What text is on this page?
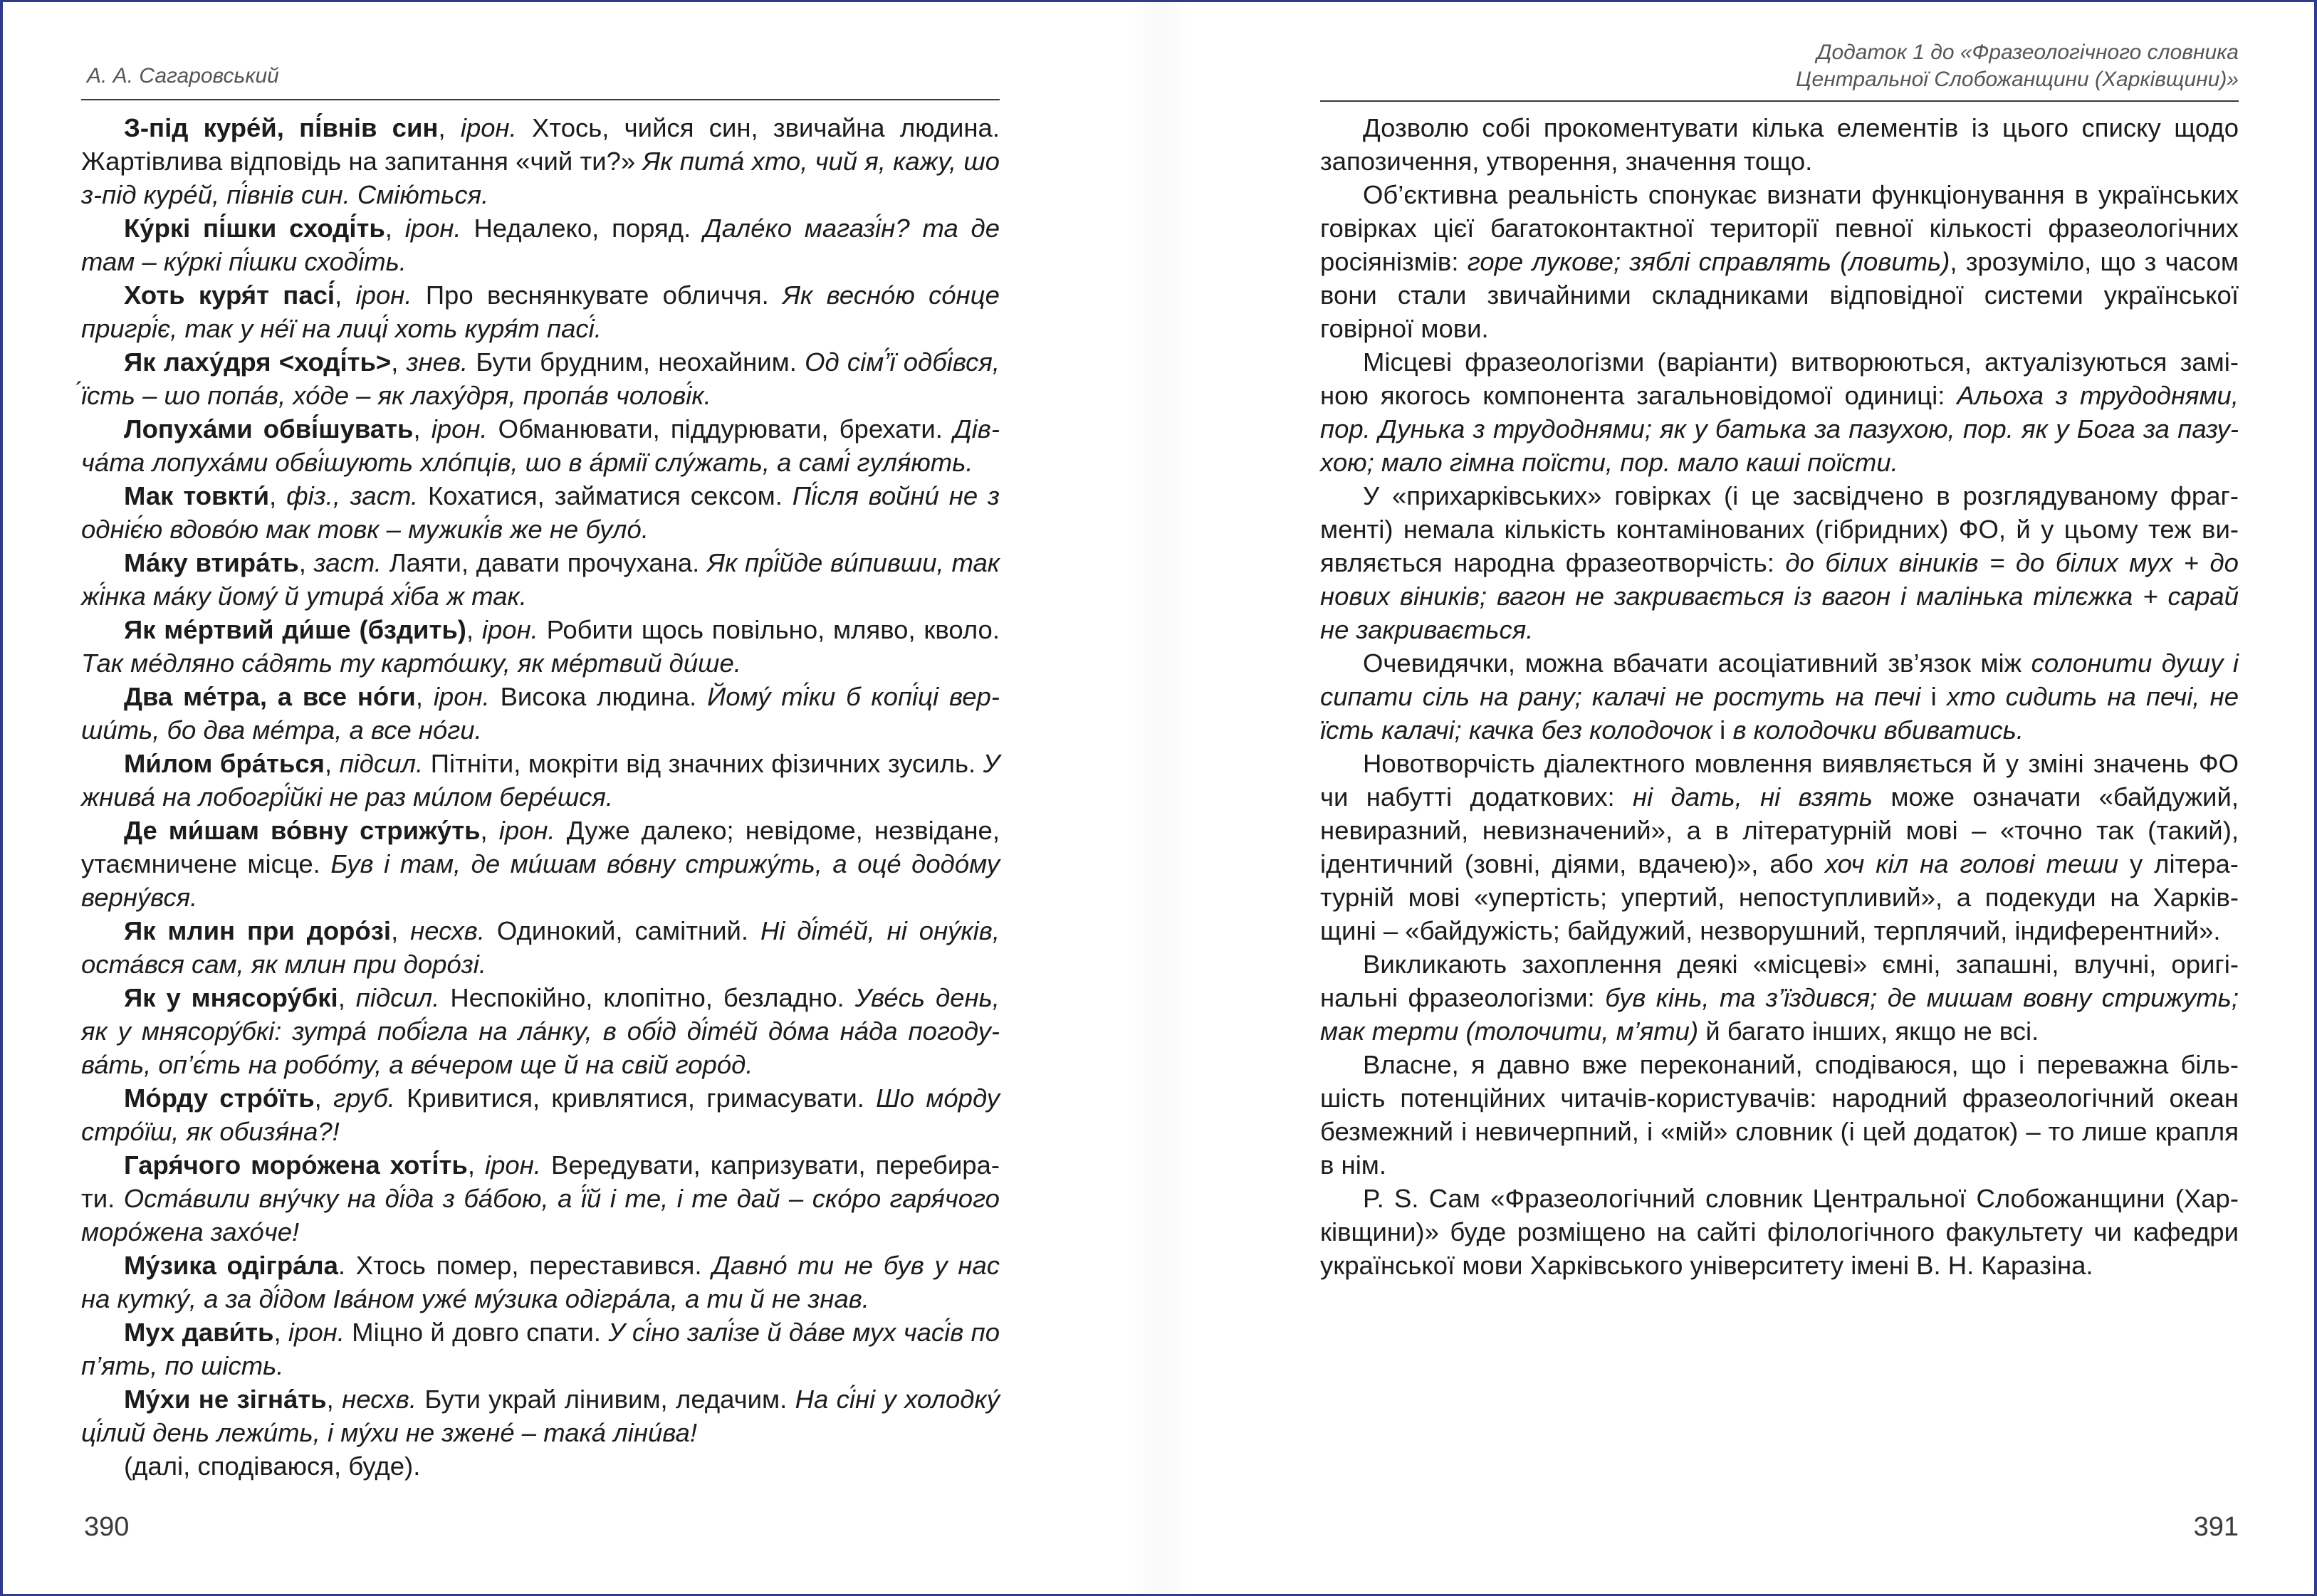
А. А. Сагаровський

З-під куре́й, пі́внів син, ірон. Хтось, чийся син, звичайна людина. Жартівлива відповідь на запитання «чий ти?» Як пита́ хто, чий я, кажу, шо з-під куре́й, пі́внів син. Смію́ться.

Ку́ркі пі́шки сході́ть, ірон. Недалеко, поряд. Дале́ко магазі́н? та де там – ку́ркі пі́шки сході́ть.

Хоть куря́т пасі́, ірон. Про веснянкувате обличчя. Як весно́ю со́нце пригрі́є, так у не́ї на лиці́ хоть куря́т пасі́.

Як лаху́дря <ході́ть>, знев. Бути брудним, неохайним. Од сім’́ї одбі́вся, ́їсть – шо попа́в, хо́де – як лаху́дря, пропа́в чолові́к.

Лопуха́ми обві́шувать, ірон. Обманювати, піддурювати, брехати. Дів-ча́та лопуха́ми обві́шують хло́пців, шо в а́рмії слу́жать, а самі́ гуля́ють.

Мак товкти́, фіз., заст. Кохатися, займатися сексом. Пі́сля войни́ не з одніє́ю вдово́ю мак товк – мужикі́в же не було́.

Ма́ку втира́ть, заст. Лаяти, давати прочухана. Як прі́йде ви́пивши, так жі́нка ма́ку йому́ й утира́ хі́ба ж так.

Як ме́ртвий ди́ше (бздить), ірон. Робити щось повільно, мляво, кволо. Так ме́дляно са́дять ту карто́шку, як ме́ртвий ди́ше.

Два ме́тра, а все но́ги, ірон. Висока людина. Йому́ ті́ки б копі́ці вер-ши́ть, бо два ме́тра, а все но́ги.

Ми́лом бра́ться, підсил. Пітніти, мокріти від значних фізичних зусиль. У жнива́ на лобогрі́йкі не раз ми́лом бере́шся.

Де ми́шам во́вну стрижу́ть, ірон. Дуже далеко; невідоме, незвідане, утаємничене місце. Був і там, де ми́шам во́вну стрижу́ть, а оце́ додо́му верну́вся.

Як млин при доро́зі, несхв. Одинокий, самітний. Ні ді́те́й, ні ону́ків, оста́вся сам, як млин при доро́зі.

Як у мнясору́бкі, підсил. Неспокійно, клопітно, безладно. Уве́сь день, як у мнясору́бкі: зутра́ побі́гла на ла́нку, в обі́д ді́те́й до́ма на́да погоду-ва́ть, оп’є́ть на робо́ту, а ве́чером ще й на свій горо́д.

Мо́рду стро́їть, груб. Кривитися, кривлятися, гримасувати. Шо мо́рду стро́їш, як обизя́на?!

Гаря́чого моро́жена хоті́ть, ірон. Вередувати, капризувати, перебира-ти. Оста́вили вну́чку на ді́да з ба́бою, а ї́й і те, і те дай – ско́ро гаря́чого моро́жена захо́че!

Му́зика одігра́ла. Хтось помер, переставився. Давно́ ти не був у нас на кутку́, а за ді́дом Іва́ном уже́ му́зика одігра́ла, а ти й не знав.

Мух дави́ть, ірон. Міцно й довго спати. У сі́но залі́зе й да́ве мух часі́в по п’ять, по шість.

Му́хи не зігна́ть, несхв. Бути украй лінивим, ледачим. На сі́ні у холодку́ ці́лий день лежи́ть, і му́хи не зжене́ – така́ ліни́ва!

(далі, сподіваюся, буде).

390
Додаток 1 до «Фразеологічного словника
Центральної Слобожанщини (Харківщини)»

Дозволю собі прокоментувати кілька елементів із цього списку щодо запозичення, утворення, значення тощо.

Об’єктивна реальність спонукає визнати функціонування в українських говірках цієї багатоконтактної території певної кількості фразеологічних росіянізмів: горе лукове; зяблі справлять (ловить), зрозуміло, що з часом вони стали звичайними складниками відповідної системи української говірної мови.

Місцеві фразеологізми (варіанти) витворюються, актуалізуються замі-ною якогось компонента загальновідомої одиниці: Альоха з трудоднями, пор. Дунька з трудоднями; як у батька за пазухою, пор. як у Бога за пазу-хою; мало гімна поїсти, пор. мало каші поїсти.

У «прихарківських» говірках (і це засвідчено в розглядуваному фраг-менті) немала кількість контамінованих (гібридних) ФО, й у цьому теж ви-являється народна фразеотворчість: до білих віників = до білих мух + до нових віників; вагон не закривається із вагон і малінька тілєжка + сарай не закривається.

Очевидячки, можна вбачати асоціативний зв’язок між солонити душу і сипати сіль на рану; калачі не ростуть на печі і хто сидить на печі, не їсть калачі; качка без колодочок і в колодочки вбиватись.

Новотворчість діалектного мовлення виявляється й у зміні значень ФО чи набутті додаткових: ні дать, ні взять може означати «байдужий, невиразний, невизначений», а в літературній мові – «точно так (такий), ідентичний (зовні, діями, вдачею)», або хоч кіл на голові теши у літера-турній мові «упертість; упертий, непоступливий», а подекуди на Харків-щині – «байдужість; байдужий, незворушний, терплячий, індиферентний».

Викликають захоплення деякі «місцеві» ємні, запашні, влучні, оригі-нальні фразеологізми: був кінь, та з’їздився; де мишам вовну стрижуть; мак терти (толочити, м’яти) й багато інших, якщо не всі.

Власне, я давно вже переконаний, сподіваюся, що і переважна біль-шість потенційних читачів-користувачів: народний фразеологічний океан безмежний і невичерпний, і «мій» словник (і цей додаток) – то лише крапля в нім.

P. S. Сам «Фразеологічний словник Центральної Слобожанщини (Хар-ківщини)» буде розміщено на сайті філологічного факультету чи кафедри української мови Харківського університету імені В. Н. Каразіна.

391
